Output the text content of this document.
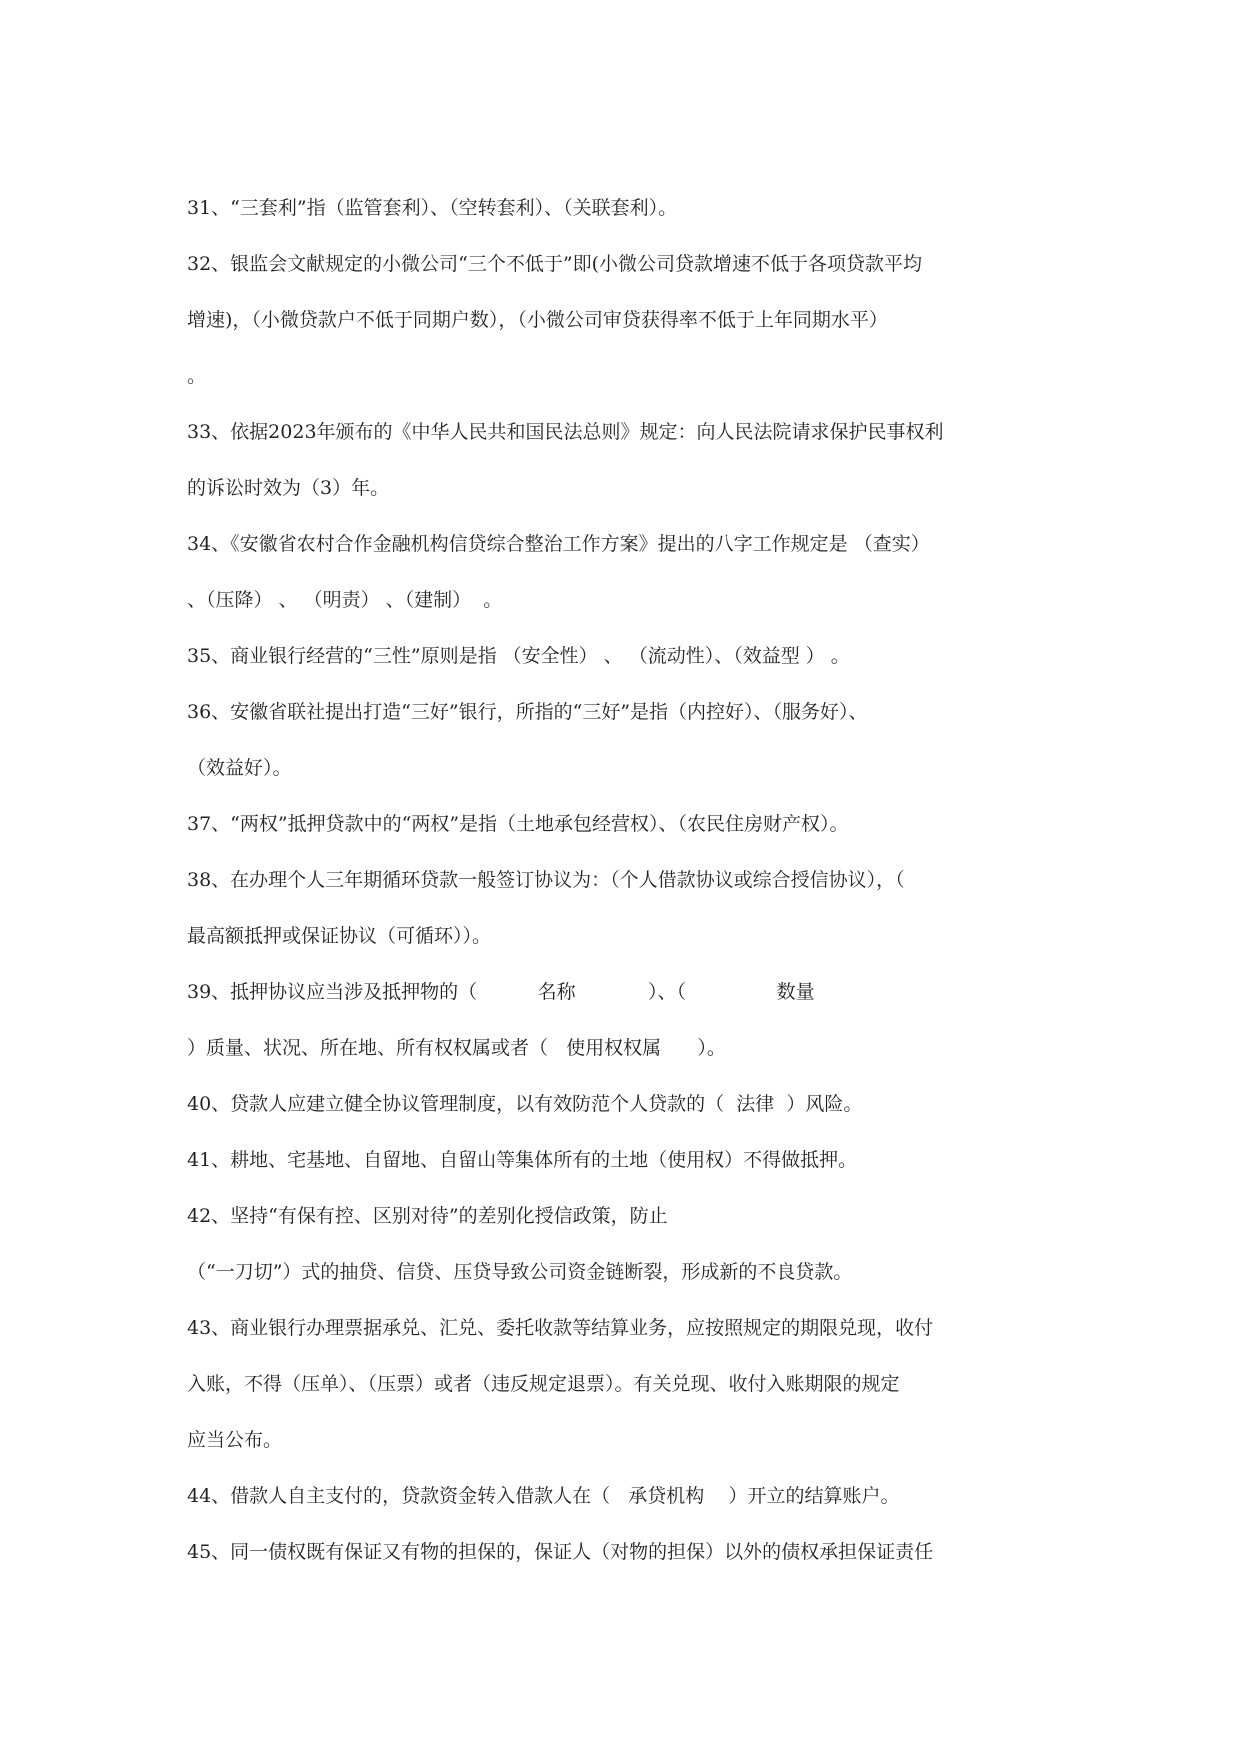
31、“三套利”指（监管套利）、（空转套利）、（关联套利）。
32、银监会文献规定的小微公司“三个不低于”即(小微公司贷款增速不低于各项贷款平均
增速)，（小微贷款户不低于同期户数），（小微公司审贷获得率不低于上年同期水平）
。
33、依据2023年颁布的《中华人民共和国民法总则》规定：向人民法院请求保护民事权利
的诉讼时效为（3）年。
34、《安徽省农村合作金融机构信贷综合整治工作方案》提出的八字工作规定是 （查实）
、（压降） 、 （明责） 、（建制）  。
35、商业银行经营的“三性”原则是指 （安全性） 、 （流动性）、（效益型 ） 。
36、安徽省联社提出打造“三好”银行，所指的“三好”是指（内控好）、（服务好）、
（效益好）。
37、“两权”抵押贷款中的“两权”是指（土地承包经营权）、（农民住房财产权）。
38、在办理个人三年期循环贷款一般签订协议为：（个人借款协议或综合授信协议），（
最高额抵押或保证协议（可循环））。
39、抵押协议应当涉及抵押物的（          名称            ）、（               数量
）质量、状况、所在地、所有权权属或者（   使用权权属      ）。
40、贷款人应建立健全协议管理制度，以有效防范个人贷款的（  法律  ）风险。
41、耕地、宅基地、自留地、自留山等集体所有的土地（使用权）不得做抵押。
42、坚持“有保有控、区别对待”的差别化授信政策，防止
（“一刀切”）式的抽贷、信贷、压贷导致公司资金链断裂，形成新的不良贷款。
43、商业银行办理票据承兑、汇兑、委托收款等结算业务，应按照规定的期限兑现，收付
入账，不得（压单）、（压票）或者（违反规定退票）。有关兑现、收付入账期限的规定
应当公布。
44、借款人自主支付的，贷款资金转入借款人在（   承贷机构    ）开立的结算账户。
45、同一债权既有保证又有物的担保的，保证人（对物的担保）以外的债权承担保证责任
